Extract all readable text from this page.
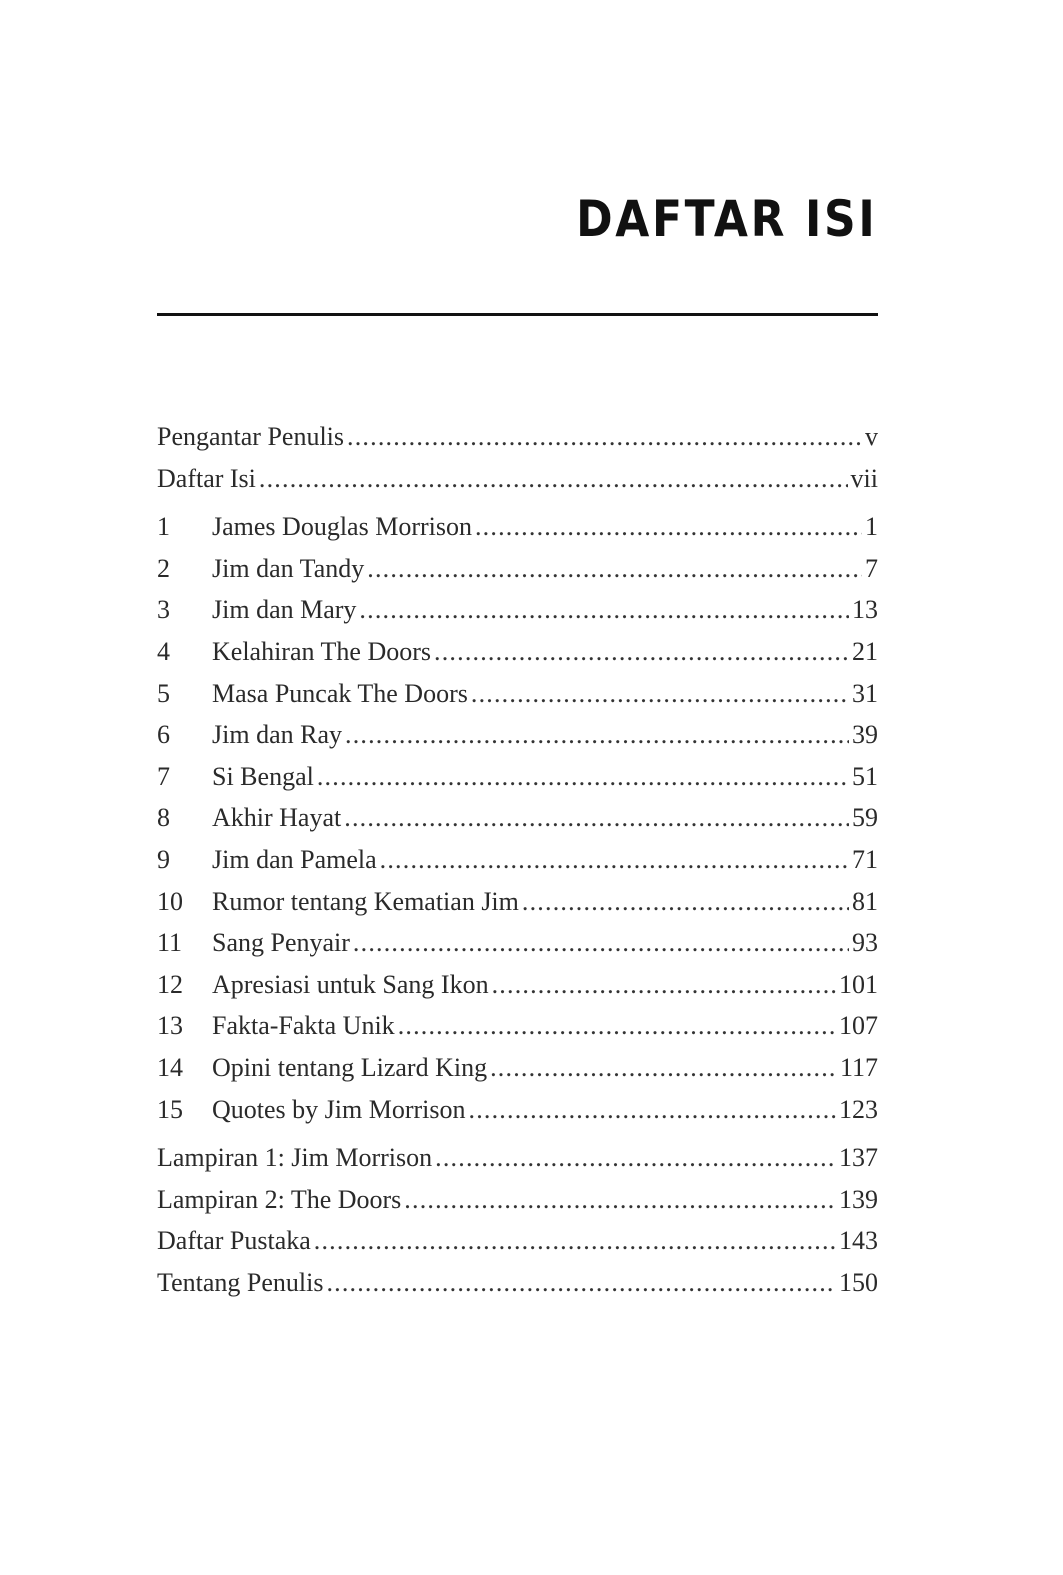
DAFTAR ISI
Pengantar Penulis .....	v
Daftar Isi .....	vii
1	James Douglas Morrison .....	1
2	Jim dan Tandy .....	7
3	Jim dan Mary .....	13
4	Kelahiran The Doors .....	21
5	Masa Puncak The Doors .....	31
6	Jim dan Ray .....	39
7	Si Bengal .....	51
8	Akhir Hayat .....	59
9	Jim dan Pamela .....	71
10	Rumor tentang Kematian Jim .....	81
11	Sang Penyair .....	93
12	Apresiasi untuk Sang Ikon .....	101
13	Fakta-Fakta Unik .....	107
14	Opini tentang Lizard King .....	117
15	Quotes by Jim Morrison .....	123
Lampiran 1: Jim Morrison .....	137
Lampiran 2: The Doors .....	139
Daftar Pustaka .....	143
Tentang Penulis .....	150
